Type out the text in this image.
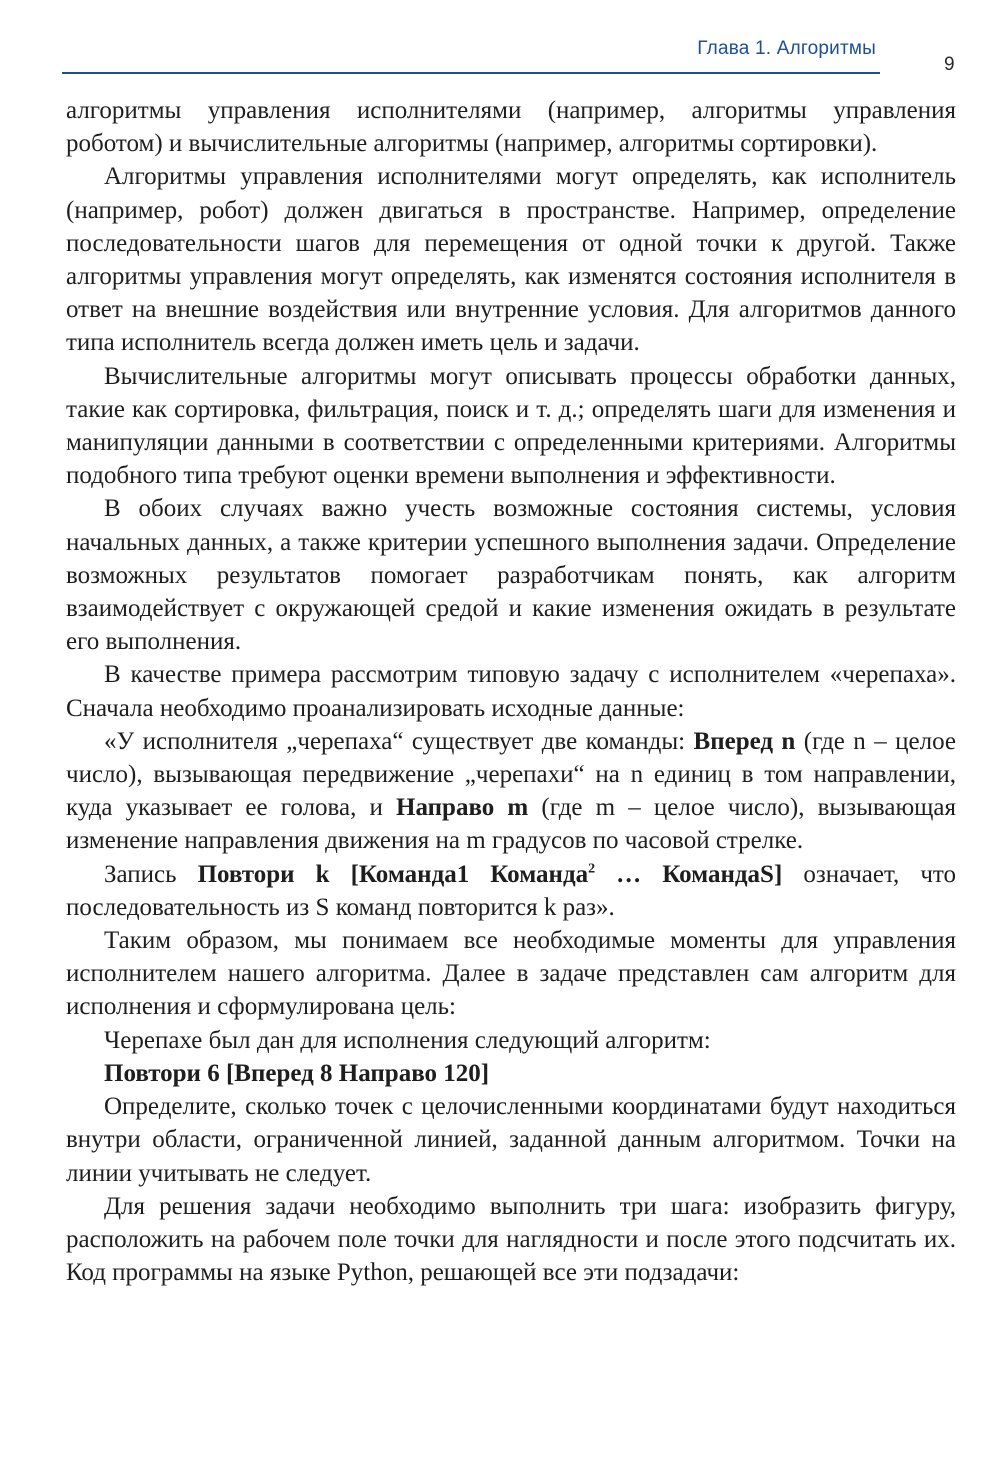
Глава 1. Алгоритмы
9

алгоритмы управления исполнителями (например, алгоритмы управления роботом) и вычислительные алгоритмы (например, алгоритмы сортировки).

Алгоритмы управления исполнителями могут определять, как исполнитель (например, робот) должен двигаться в пространстве. Например, определение последовательности шагов для перемещения от одной точки к другой. Также алгоритмы управления могут определять, как изменятся состояния исполнителя в ответ на внешние воздействия или внутренние условия. Для алгоритмов данного типа исполнитель всегда должен иметь цель и задачи.

Вычислительные алгоритмы могут описывать процессы обработки данных, такие как сортировка, фильтрация, поиск и т. д.; определять шаги для изменения и манипуляции данными в соответствии с определенными критериями. Алгоритмы подобного типа требуют оценки времени выполнения и эффективности.

В обоих случаях важно учесть возможные состояния системы, условия начальных данных, а также критерии успешного выполнения задачи. Определение возможных результатов помогает разработчикам понять, как алгоритм взаимодействует с окружающей средой и какие изменения ожидать в результате его выполнения.

В качестве примера рассмотрим типовую задачу с исполнителем «черепаха». Сначала необходимо проанализировать исходные данные:

«У исполнителя „черепаха“ существует две команды: Вперед n (где n – целое число), вызывающая передвижение „черепахи“ на n единиц в том направлении, куда указывает ее голова, и Направо m (где m – целое число), вызывающая изменение направления движения на m градусов по часовой стрелке.

Запись Повтори k [Команда1 Команда$^2$ … КомандаS] означает, что последовательность из S команд повторится k раз».

Таким образом, мы понимаем все необходимые моменты для управления исполнителем нашего алгоритма. Далее в задаче представлен сам алгоритм для исполнения и сформулирована цель:

Черепахе был дан для исполнения следующий алгоритм:

Повтори 6 [Вперед 8 Направо 120]

Определите, сколько точек с целочисленными координатами будут находиться внутри области, ограниченной линией, заданной данным алгоритмом. Точки на линии учитывать не следует.

Для решения задачи необходимо выполнить три шага: изобразить фигуру, расположить на рабочем поле точки для наглядности и после этого подсчитать их. Код программы на языке Python, решающей все эти подзадачи:
